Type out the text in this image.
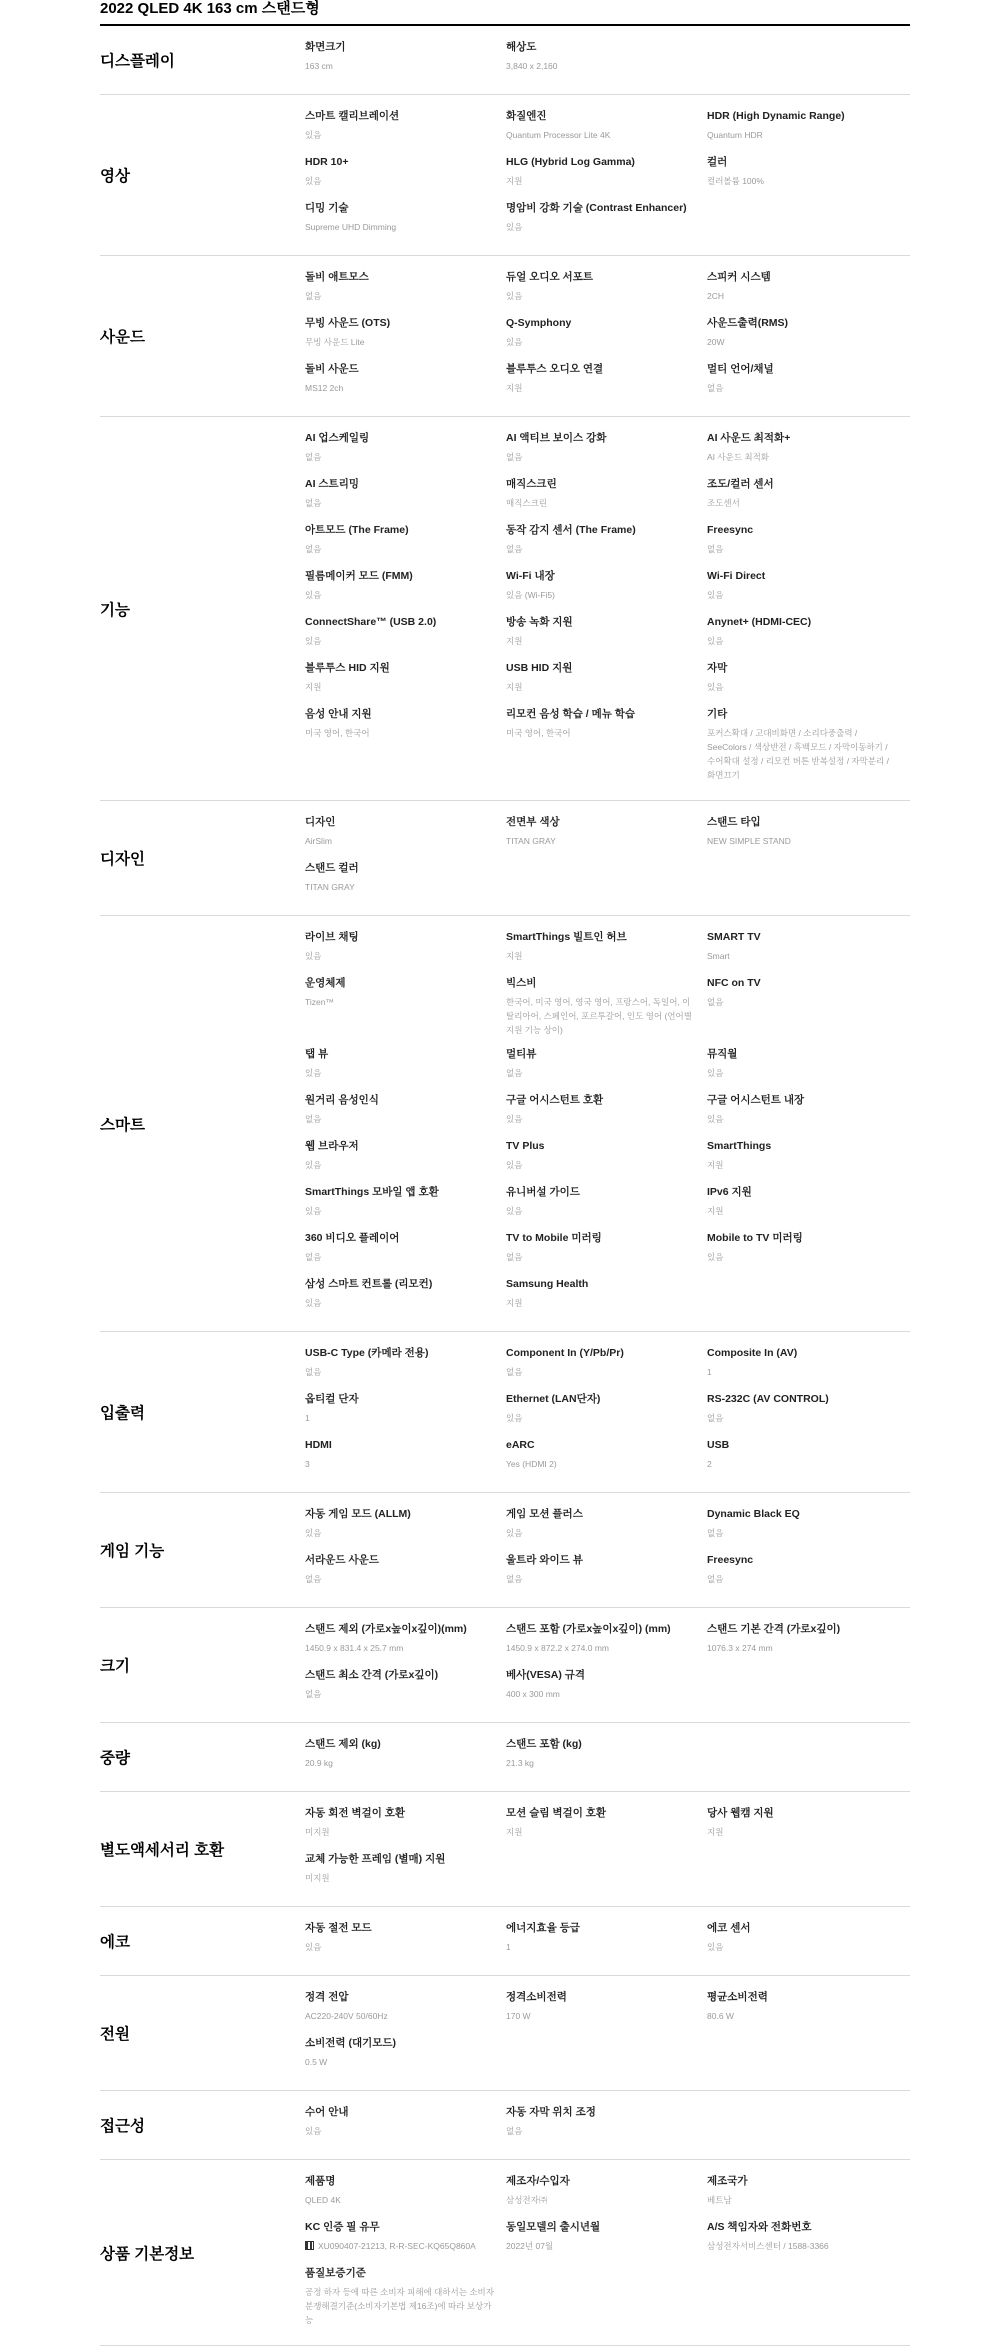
2022 QLED 4K 163 cm 스탠드형
디스플레이
화면크기
163 cm
해상도
3,840 x 2,160
영상
스마트 캘리브레이션
있음
화질엔진
Quantum Processor Lite 4K
HDR (High Dynamic Range)
Quantum HDR
HDR 10+
있음
HLG (Hybrid Log Gamma)
지원
컬러
컬러볼륨 100%
디밍 기술
Supreme UHD Dimming
명암비 강화 기술 (Contrast Enhancer)
있음
사운드
돌비 애트모스
없음
듀얼 오디오 서포트
있음
스피커 시스템
2CH
무빙 사운드 (OTS)
무빙 사운드 Lite
Q-Symphony
있음
사운드출력(RMS)
20W
돌비 사운드
MS12 2ch
블루투스 오디오 연결
지원
멀티 언어/채널
없음
기능
AI 업스케일링
없음
AI 액티브 보이스 강화
없음
AI 사운드 최적화+
AI 사운드 최적화
AI 스트리밍
없음
매직스크린
매직스크린
조도/컬러 센서
조도센서
아트모드 (The Frame)
없음
동작 감지 센서 (The Frame)
없음
Freesync
없음
필름메이커 모드 (FMM)
있음
Wi-Fi 내장
있음 (Wi-Fi5)
Wi-Fi Direct
있음
ConnectShare™ (USB 2.0)
있음
방송 녹화 지원
지원
Anynet+ (HDMI-CEC)
있음
블루투스 HID 지원
지원
USB HID 지원
지원
자막
있음
음성 안내 지원
미국 영어, 한국어
리모컨 음성 학습 / 메뉴 학습
미국 영어, 한국어
기타
포커스확대 / 고대비화면 / 소리다중출력 / SeeColors / 색상반전 / 흑백모드 / 자막이동하기 / 수어확대 설정 / 리모컨 버튼 반복설정 / 자막분리 / 화면끄기
디자인
디자인
AirSlim
전면부 색상
TITAN GRAY
스탠드 타입
NEW SIMPLE STAND
스탠드 컬러
TITAN GRAY
스마트
라이브 채팅
있음
SmartThings 빌트인 허브
지원
SMART TV
Smart
운영체제
Tizen™
빅스비
한국어, 미국 영어, 영국 영어, 프랑스어, 독일어, 이탈리아어, 스페인어, 포르투갈어, 인도 영어 (언어별 지원 기능 상이)
NFC on TV
없음
탭 뷰
있음
멀티뷰
없음
뮤직월
있음
원거리 음성인식
없음
구글 어시스턴트 호환
있음
구글 어시스턴트 내장
있음
웹 브라우저
있음
TV Plus
있음
SmartThings
지원
SmartThings 모바일 앱 호환
있음
유니버설 가이드
있음
IPv6 지원
지원
360 비디오 플레이어
없음
TV to Mobile 미러링
없음
Mobile to TV 미러링
있음
삼성 스마트 컨트롤 (리모컨)
있음
Samsung Health
지원
입출력
USB-C Type (카메라 전용)
없음
Component In (Y/Pb/Pr)
없음
Composite In (AV)
1
옵티컬 단자
1
Ethernet (LAN단자)
있음
RS-232C (AV CONTROL)
없음
HDMI
3
eARC
Yes (HDMI 2)
USB
2
게임 기능
자동 게임 모드 (ALLM)
있음
게임 모션 플러스
있음
Dynamic Black EQ
없음
서라운드 사운드
없음
울트라 와이드 뷰
없음
Freesync
없음
크기
스탠드 제외 (가로x높이x깊이)(mm)
1450.9 x 831.4 x 25.7 mm
스탠드 포함 (가로x높이x깊이) (mm)
1450.9 x 872.2 x 274.0 mm
스탠드 기본 간격 (가로x깊이)
1076.3 x 274 mm
스탠드 최소 간격 (가로x깊이)
없음
베사(VESA) 규격
400 x 300 mm
중량
스탠드 제외 (kg)
20.9 kg
스탠드 포함 (kg)
21.3 kg
별도액세서리 호환
자동 회전 벽걸이 호환
미지원
모션 슬림 벽걸이 호환
지원
당사 웹캠 지원
지원
교체 가능한 프레임 (별매) 지원
미지원
에코
자동 절전 모드
있음
에너지효율 등급
1
에코 센서
있음
전원
정격 전압
AC220-240V 50/60Hz
정격소비전력
170 W
평균소비전력
80.6 W
소비전력 (대기모드)
0.5 W
접근성
수어 안내
있음
자동 자막 위치 조정
없음
상품 기본정보
제품명
QLED 4K
제조자/수입자
삼성전자㈜
제조국가
베트남
KC 인증 필 유무
XU090407-21213, R-R-SEC-KQ65Q860A
동일모델의 출시년월
2022년 07월
A/S 책임자와 전화번호
삼성전자서비스센터 / 1588-3366
품질보증기준
공정 하자 등에 따른 소비자 피해에 대하서는 소비자분쟁해결기준(소비자기본법 제16조)에 따라 보상가능
